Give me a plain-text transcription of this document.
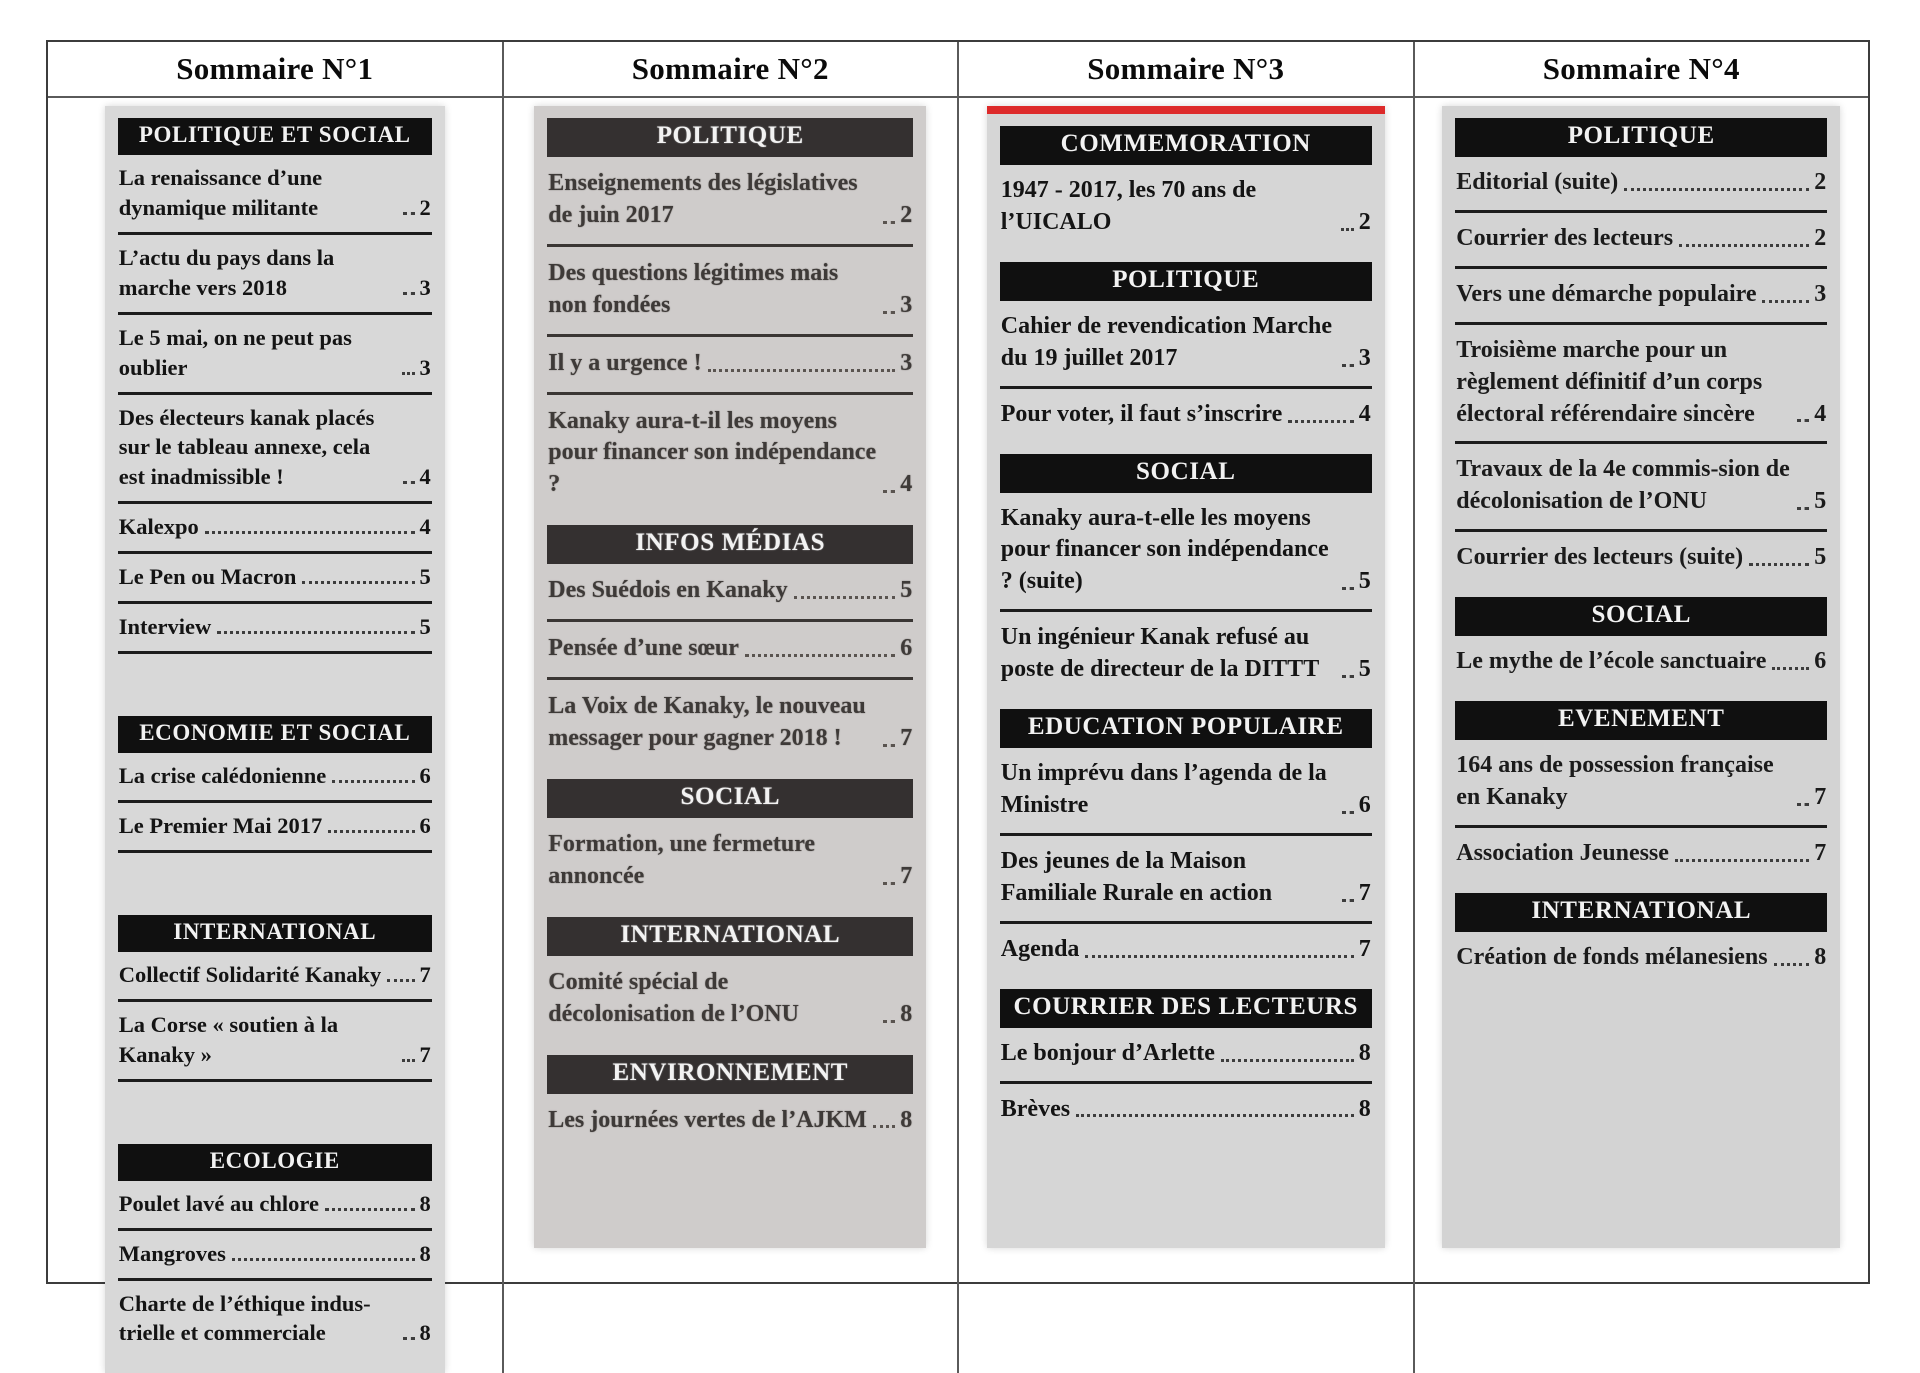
Sommaire N°1	Sommaire N°2	Sommaire N°3	Sommaire N°4
POLITIQUE ET SOCIAL
La renaissance d’une dynamique militante	2
L’actu du pays dans la marche vers 2018	3
Le 5 mai, on ne peut pas oublier	3
Des électeurs kanak placés sur le tableau annexe, cela est inadmissible !	4
Kalexpo	4
Le Pen ou Macron	5
Interview	5
ECONOMIE ET SOCIAL
La crise calédonienne	6
Le Premier Mai 2017	6
INTERNATIONAL
Collectif Solidarité Kanaky 7
La Corse « soutien à la Kanaky »	7
ECOLOGIE
Poulet lavé au chlore	8
Mangroves	8
Charte de l’éthique indus-trielle et commerciale	8
POLITIQUE
Enseignements des législatives de juin 2017	2
Des questions légitimes mais non fondées	3
Il y a urgence !	3
Kanaky aura-t-il les moyens pour financer son indépendance ?	4
INFOS MÉDIAS
Des Suédois en Kanaky	5
Pensée d’une sœur	6
La Voix de Kanaky, le nouveau messager pour gagner 2018 !	7
SOCIAL
Formation, une fermeture annoncée	7
INTERNATIONAL
Comité spécial de décolonisation de l’ONU	8
ENVIRONNEMENT
Les journées vertes de l’AJKM 8
COMMEMORATION
1947 - 2017, les 70 ans de l’UICALO	2
POLITIQUE
Cahier de revendication Marche du 19 juillet 2017	3
Pour voter, il faut s’inscrire	4
SOCIAL
Kanaky aura-t-elle les moyens pour financer son indépendance ? (suite)	5
Un ingénieur Kanak refusé au poste de directeur de la DITTT	5
EDUCATION POPULAIRE
Un imprévu dans l’agenda de la Ministre	6
Des jeunes de la Maison Familiale Rurale en action	7
Agenda	7
COURRIER DES LECTEURS
Le bonjour d’Arlette	8
Brèves	8
POLITIQUE
Editorial (suite)	2
Courrier des lecteurs	2
Vers une démarche populaire 3
Troisième marche pour un règlement définitif d’un corps électoral référendaire sincère	4
Travaux de la 4e commis-sion de décolonisation de l’ONU	5
Courrier des lecteurs (suite)	5
SOCIAL
Le mythe de l’école sanctuaire 6
EVENEMENT
164 ans de possession française en Kanaky	7
Association Jeunesse	7
INTERNATIONAL
Création de fonds mélanesiens 8
